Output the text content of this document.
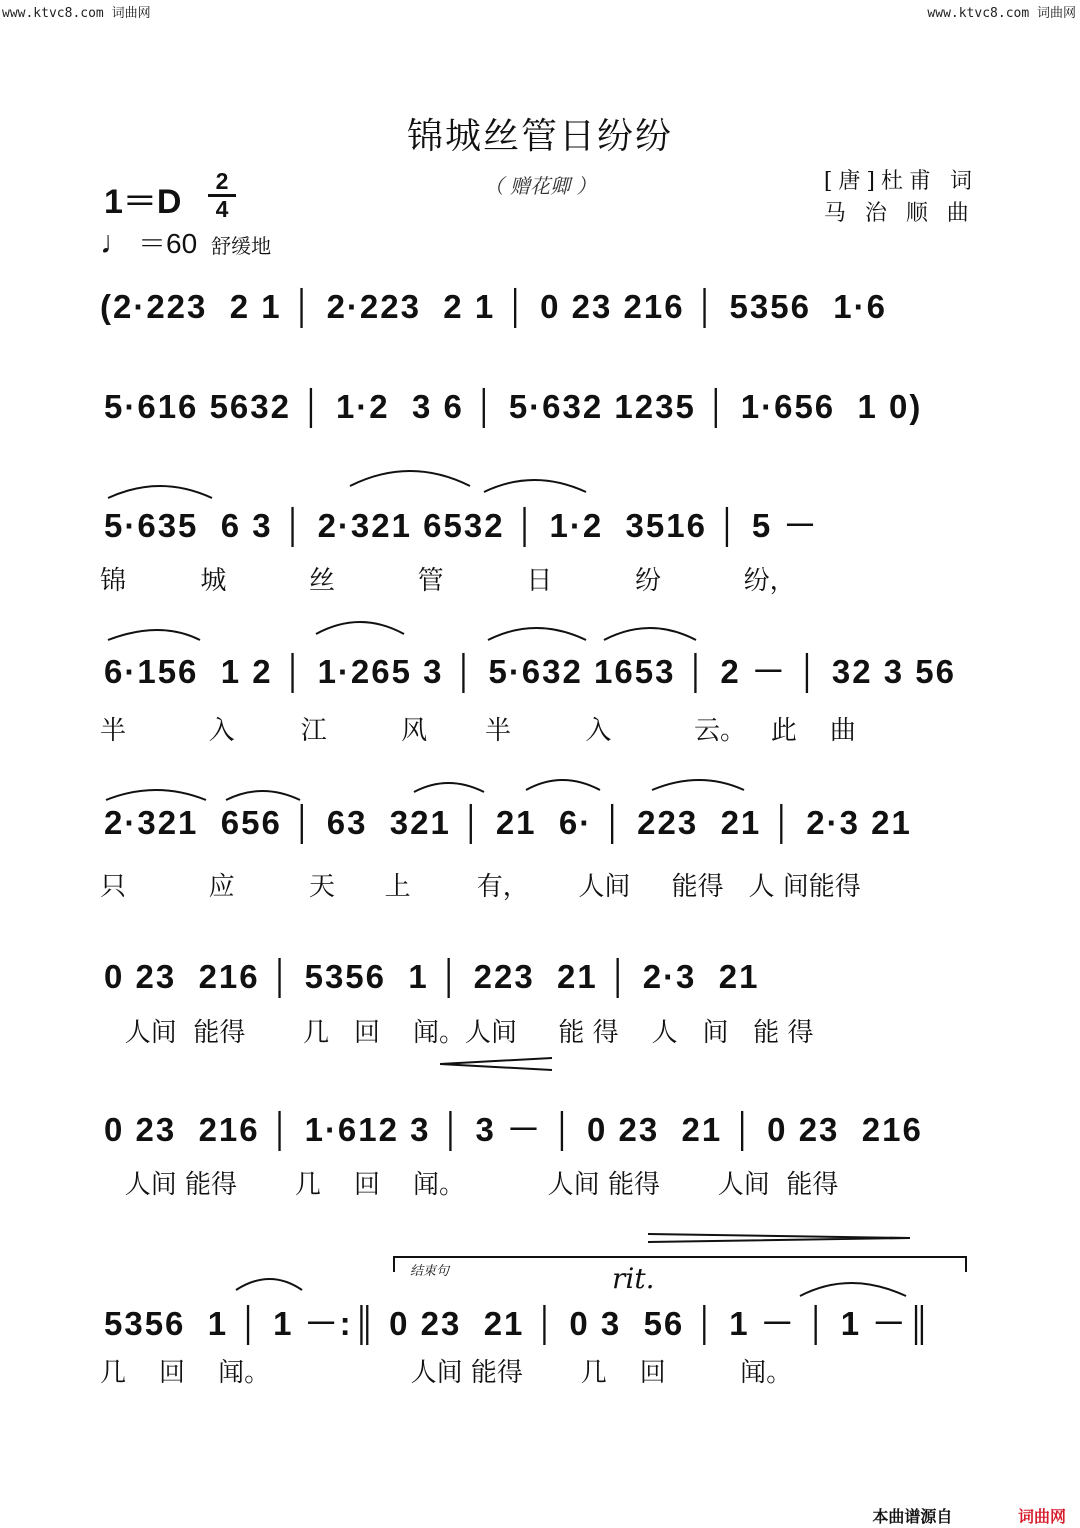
www.ktvc8.com 词曲网	www.ktvc8.com 词曲网
锦城丝管日纷纷
（ 赠花卿 ）	[唐]杜甫 词
马 治 顺 曲
1＝D
2
4
♩ ＝60 舒缓地
(2·223  2 1 │ 2·223  2 1 │ 0 23 216 │ 5356  1·6
5·616 5632 │ 1·2  3 6 │ 5·632 1235 │ 1·656  1 0)
5·635  6 3 │ 2·321 6532 │ 1·2  3516 │ 5 －
锦         城          丝          管          日          纷          纷，
6·156  1 2 │ 1·265 3 │ 5·632 1653 │ 2 － │ 32 3 56
半          入        江         风       半         入          云。   此    曲
2·321  656 │ 63  321 │ 21  6· │ 223  21 │ 2·3 21
只          应         天      上        有，      人间     能得   人 间能得
0 23  216 │ 5356  1 │ 223  21 │ 2·3  21
人间  能得       几   回    闻。人间     能 得    人   间   能 得
0 23  216 │ 1·612 3 │ 3 － │ 0 23  21 │ 0 23  216
人间 能得       几    回    闻。          人间 能得       人间  能得
结束句	rit.
5356  1 │ 1 －:║ 0 23  21 │ 0 3  56 │ 1 － │ 1 －║
几    回    闻。                 人间 能得       几    回         闻。
本曲谱源自	词曲网
